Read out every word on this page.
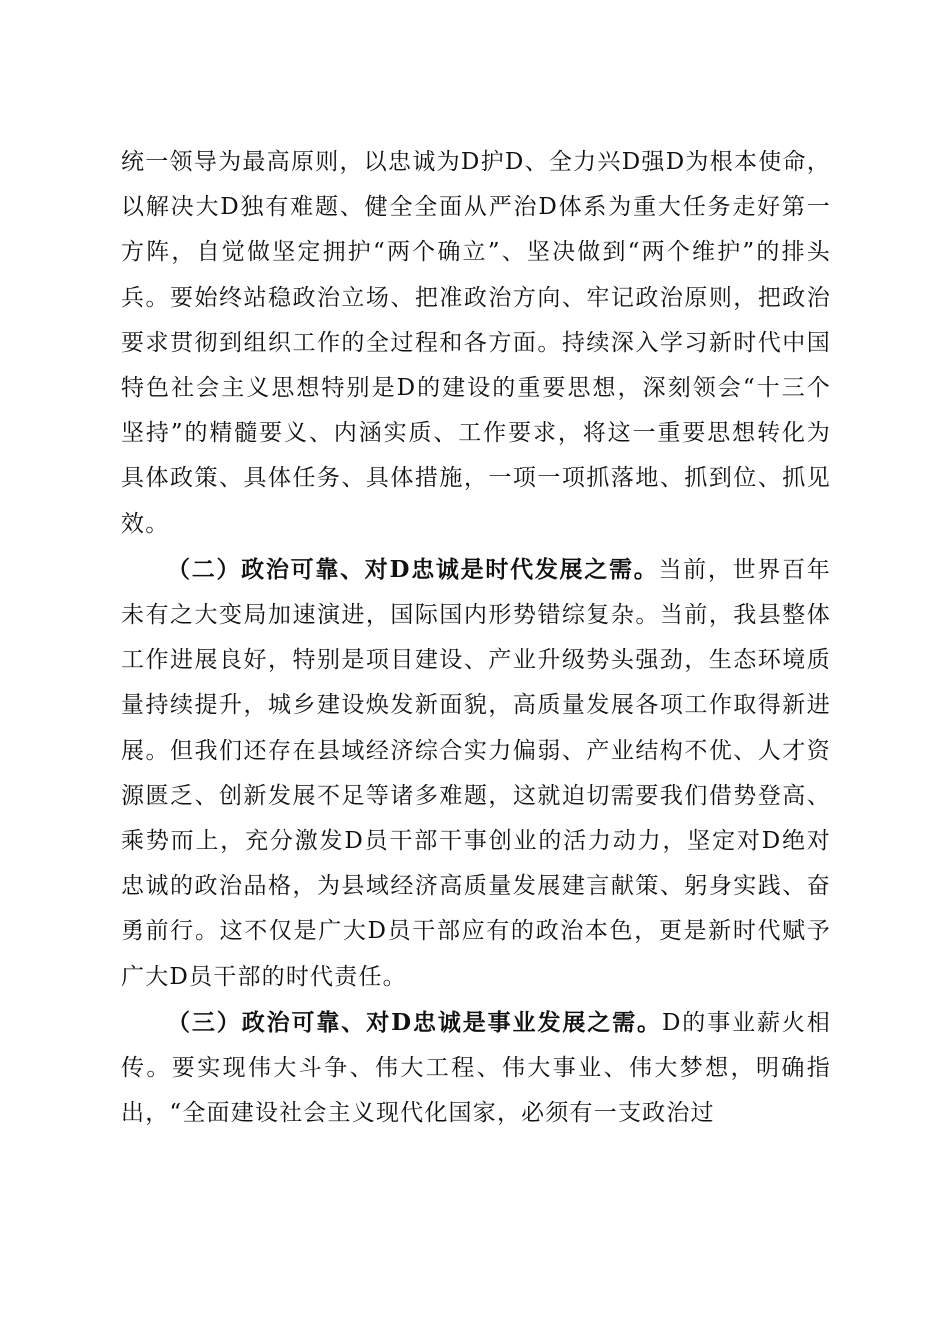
统一领导为最高原则，以忠诚为D护D、全力兴D强D为根本使命，以解决大D独有难题、健全全面从严治D体系为重大任务走好第一方阵，自觉做坚定拥护“两个确立”、坚决做到“两个维护”的排头兵。要始终站稳政治立场、把准政治方向、牢记政治原则，把政治要求贯彻到组织工作的全过程和各方面。持续深入学习新时代中国特色社会主义思想特别是D的建设的重要思想，深刻领会“十三个坚持”的精髓要义、内涵实质、工作要求，将这一重要思想转化为具体政策、具体任务、具体措施，一项一项抓落地、抓到位、抓见效。

（二）政治可靠、对D忠诚是时代发展之需。当前，世界百年未有之大变局加速演进，国际国内形势错综复杂。当前，我县整体工作进展良好，特别是项目建设、产业升级势头强劲，生态环境质量持续提升，城乡建设焕发新面貌，高质量发展各项工作取得新进展。但我们还存在县域经济综合实力偏弱、产业结构不优、人才资源匮乏、创新发展不足等诸多难题，这就迫切需要我们借势登高、乘势而上，充分激发D员干部干事创业的活力动力，坚定对D绝对忠诚的政治品格，为县域经济高质量发展建言献策、躬身实践、奋勇前行。这不仅是广大D员干部应有的政治本色，更是新时代赋予广大D员干部的时代责任。

（三）政治可靠、对D忠诚是事业发展之需。D的事业薪火相传。要实现伟大斗争、伟大工程、伟大事业、伟大梦想，明确指出，“全面建设社会主义现代化国家，必须有一支政治过
